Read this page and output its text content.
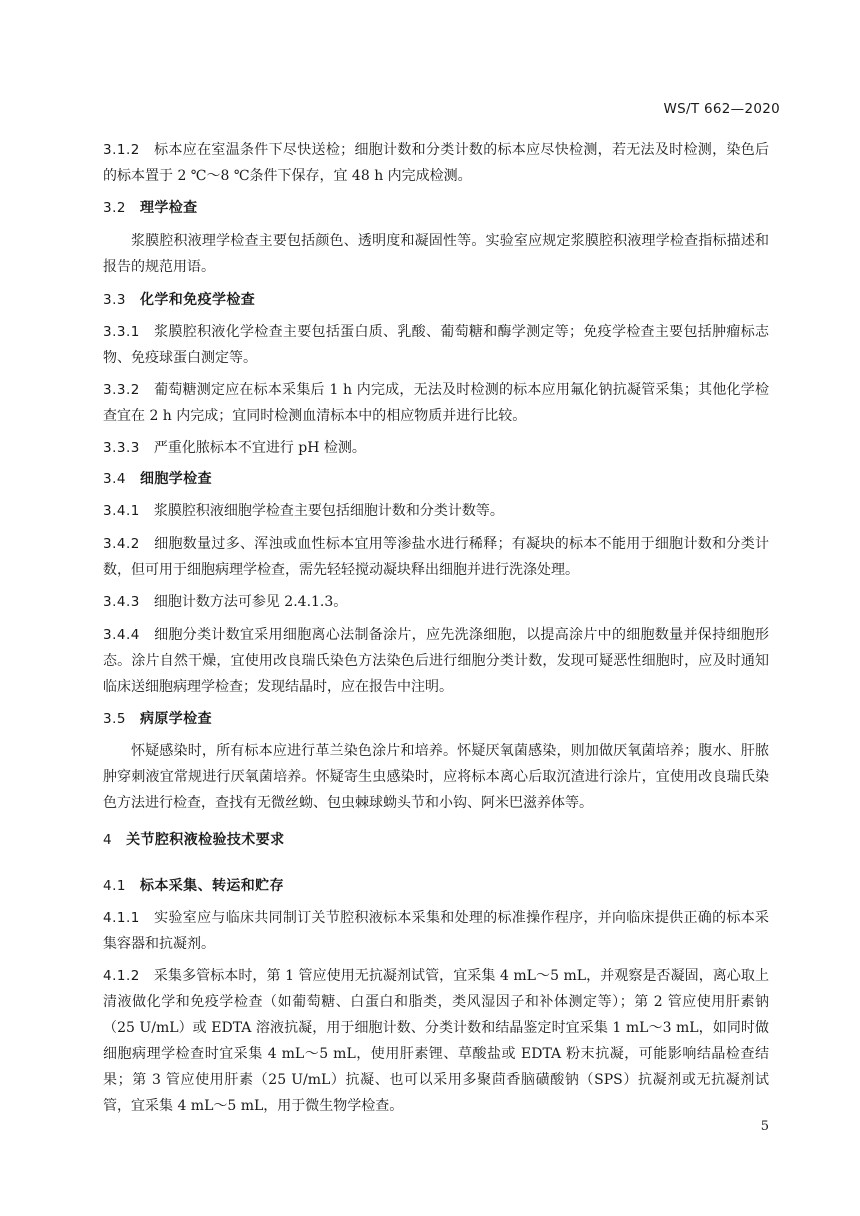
WS/T 662—2020

3.1.2 标本应在室温条件下尽快送检；细胞计数和分类计数的标本应尽快检测，若无法及时检测，染色后的标本置于 2 ℃～8 ℃条件下保存，宜 48 h 内完成检测。

3.2 理学检查

浆膜腔积液理学检查主要包括颜色、透明度和凝固性等。实验室应规定浆膜腔积液理学检查指标描述和报告的规范用语。

3.3 化学和免疫学检查

3.3.1 浆膜腔积液化学检查主要包括蛋白质、乳酸、葡萄糖和酶学测定等；免疫学检查主要包括肿瘤标志物、免疫球蛋白测定等。

3.3.2 葡萄糖测定应在标本采集后 1 h 内完成，无法及时检测的标本应用氟化钠抗凝管采集；其他化学检查宜在 2 h 内完成；宜同时检测血清标本中的相应物质并进行比较。

3.3.3 严重化脓标本不宜进行 pH 检测。

3.4 细胞学检查

3.4.1 浆膜腔积液细胞学检查主要包括细胞计数和分类计数等。

3.4.2 细胞数量过多、浑浊或血性标本宜用等渗盐水进行稀释；有凝块的标本不能用于细胞计数和分类计数，但可用于细胞病理学检查，需先轻轻搅动凝块释出细胞并进行洗涤处理。

3.4.3 细胞计数方法可参见 2.4.1.3。

3.4.4 细胞分类计数宜采用细胞离心法制备涂片，应先洗涤细胞，以提高涂片中的细胞数量并保持细胞形态。涂片自然干燥，宜使用改良瑞氏染色方法染色后进行细胞分类计数，发现可疑恶性细胞时，应及时通知临床送细胞病理学检查；发现结晶时，应在报告中注明。

3.5 病原学检查

怀疑感染时，所有标本应进行革兰染色涂片和培养。怀疑厌氧菌感染，则加做厌氧菌培养；腹水、肝脓肿穿刺液宜常规进行厌氧菌培养。怀疑寄生虫感染时，应将标本离心后取沉渣进行涂片，宜使用改良瑞氏染色方法进行检查，查找有无微丝蚴、包虫棘球蚴头节和小钩、阿米巴滋养体等。

4 关节腔积液检验技术要求
4.1 标本采集、转运和贮存

4.1.1 实验室应与临床共同制订关节腔积液标本采集和处理的标准操作程序，并向临床提供正确的标本采集容器和抗凝剂。

4.1.2 采集多管标本时，第 1 管应使用无抗凝剂试管，宜采集 4 mL～5 mL，并观察是否凝固，离心取上清液做化学和免疫学检查（如葡萄糖、白蛋白和脂类，类风湿因子和补体测定等）；第 2 管应使用肝素钠（25 U/mL）或 EDTA 溶液抗凝，用于细胞计数、分类计数和结晶鉴定时宜采集 1 mL～3 mL，如同时做细胞病理学检查时宜采集 4 mL～5 mL，使用肝素锂、草酸盐或 EDTA 粉末抗凝，可能影响结晶检查结果；第 3 管应使用肝素（25 U/mL）抗凝、也可以采用多聚茴香脑磺酸钠（SPS）抗凝剂或无抗凝剂试管，宜采集 4 mL～5 mL，用于微生物学检查。

5
